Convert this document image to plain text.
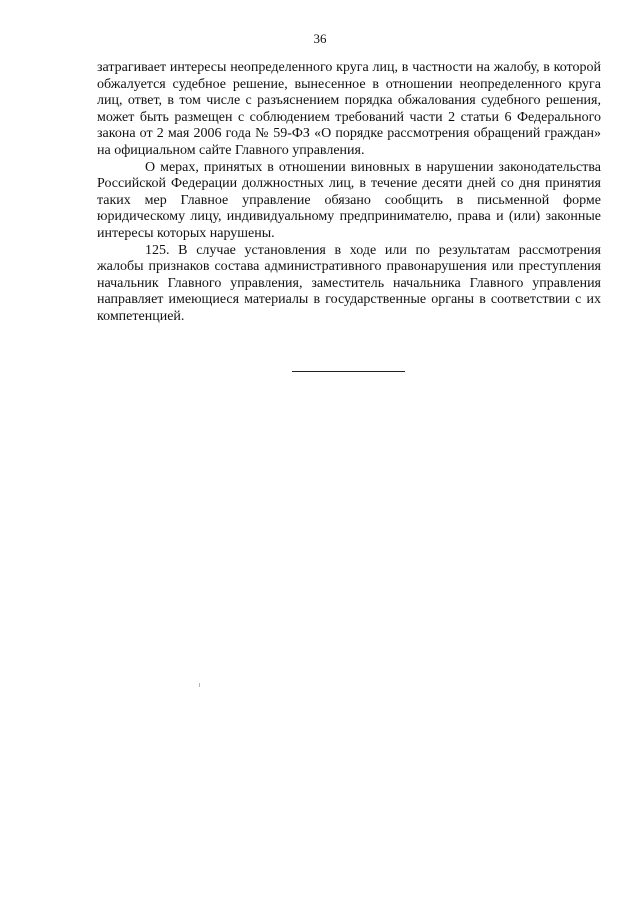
36

затрагивает интересы неопределенного круга лиц, в частности на жалобу, в которой обжалуется судебное решение, вынесенное в отношении неопределенного круга лиц, ответ, в том числе с разъяснением порядка обжалования судебного решения, может быть размещен с соблюдением требований части 2 статьи 6 Федерального закона от 2 мая 2006 года № 59-ФЗ «О порядке рассмотрения обращений граждан» на официальном сайте Главного управления.

О мерах, принятых в отношении виновных в нарушении законодательства Российской Федерации должностных лиц, в течение десяти дней со дня принятия таких мер Главное управление обязано сообщить в письменной форме юридическому лицу, индивидуальному предпринимателю, права и (или) законные интересы которых нарушены.

125. В случае установления в ходе или по результатам рассмотрения жалобы признаков состава административного правонарушения или преступления начальник Главного управления, заместитель начальника Главного управления направляет имеющиеся материалы в государственные органы в соответствии с их компетенцией.
